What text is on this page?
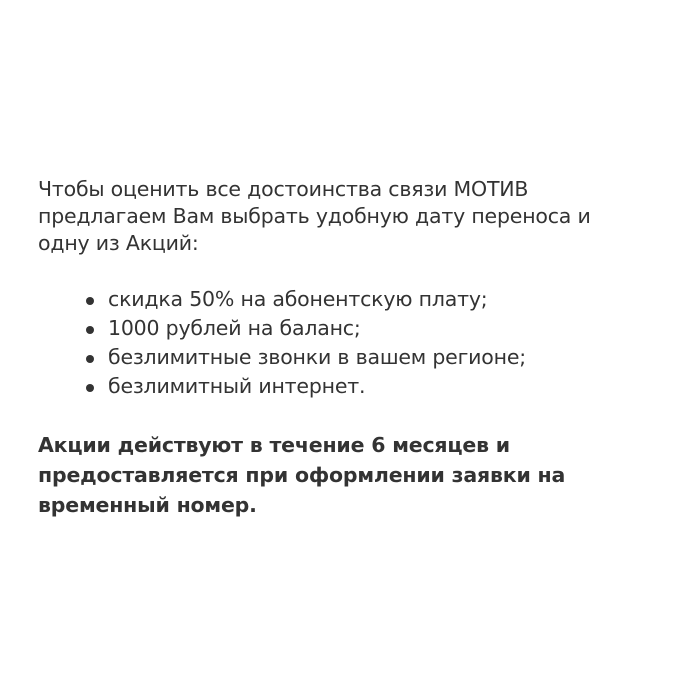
Чтобы оценить все достоинства связи МОТИВ
предлагаем Вам выбрать удобную дату переноса и
одну из Акций:

скидка 50% на абонентскую плату;
1000 рублей на баланс;
безлимитные звонки в вашем регионе;
безлимитный интернет.

Акции действуют в течение 6 месяцев и
предоставляется при оформлении заявки на
временный номер.
